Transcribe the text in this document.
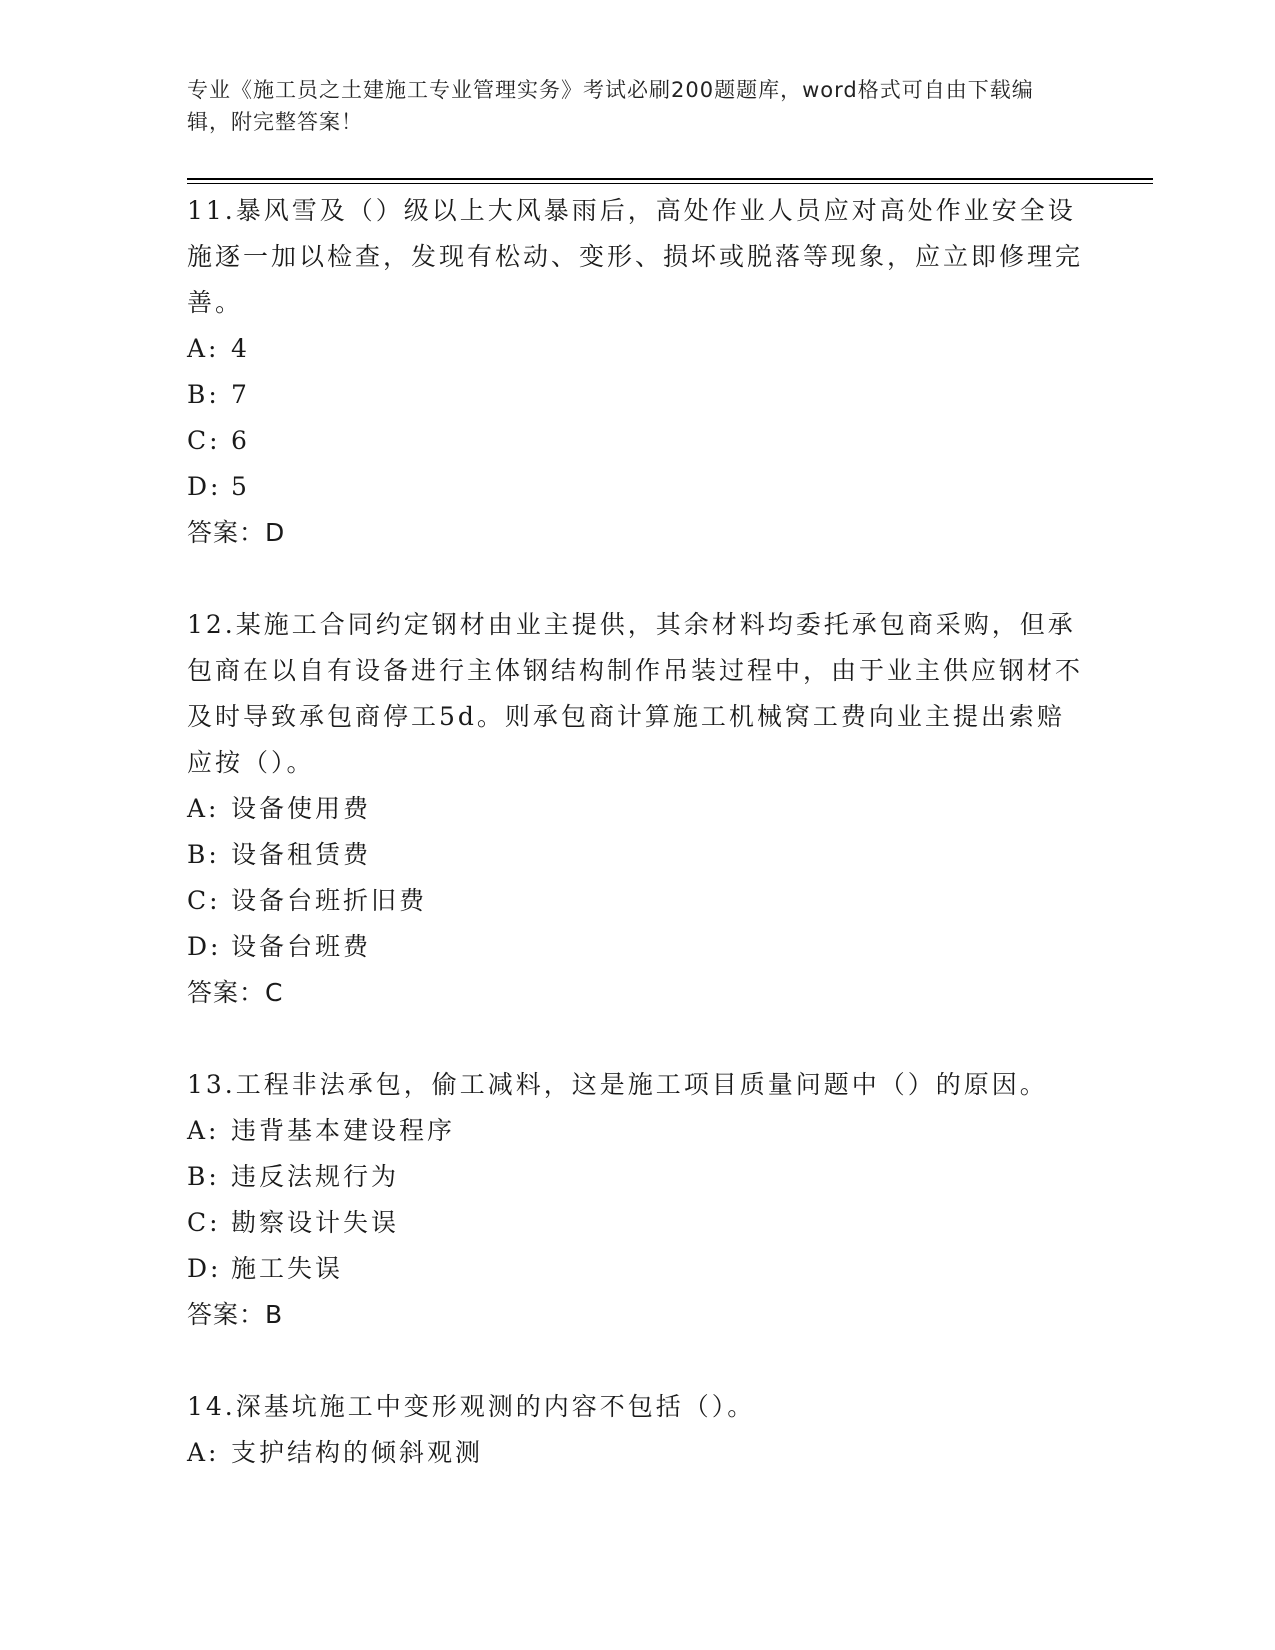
专业《施工员之土建施工专业管理实务》考试必刷200题题库，word格式可自由下载编辑，附完整答案！

11.暴风雪及（）级以上大风暴雨后，高处作业人员应对高处作业安全设施逐一加以检查，发现有松动、变形、损坏或脱落等现象，应立即修理完善。

A: 4

B: 7

C: 6

D: 5

答案：D

12.某施工合同约定钢材由业主提供，其余材料均委托承包商采购，但承包商在以自有设备进行主体钢结构制作吊装过程中，由于业主供应钢材不及时导致承包商停工5d。则承包商计算施工机械窝工费向业主提出索赔应按（）。

A: 设备使用费

B: 设备租赁费

C: 设备台班折旧费

D: 设备台班费

答案：C

13.工程非法承包，偷工减料，这是施工项目质量问题中（）的原因。

A: 违背基本建设程序

B: 违反法规行为

C: 勘察设计失误

D: 施工失误

答案：B

14.深基坑施工中变形观测的内容不包括（）。

A: 支护结构的倾斜观测
